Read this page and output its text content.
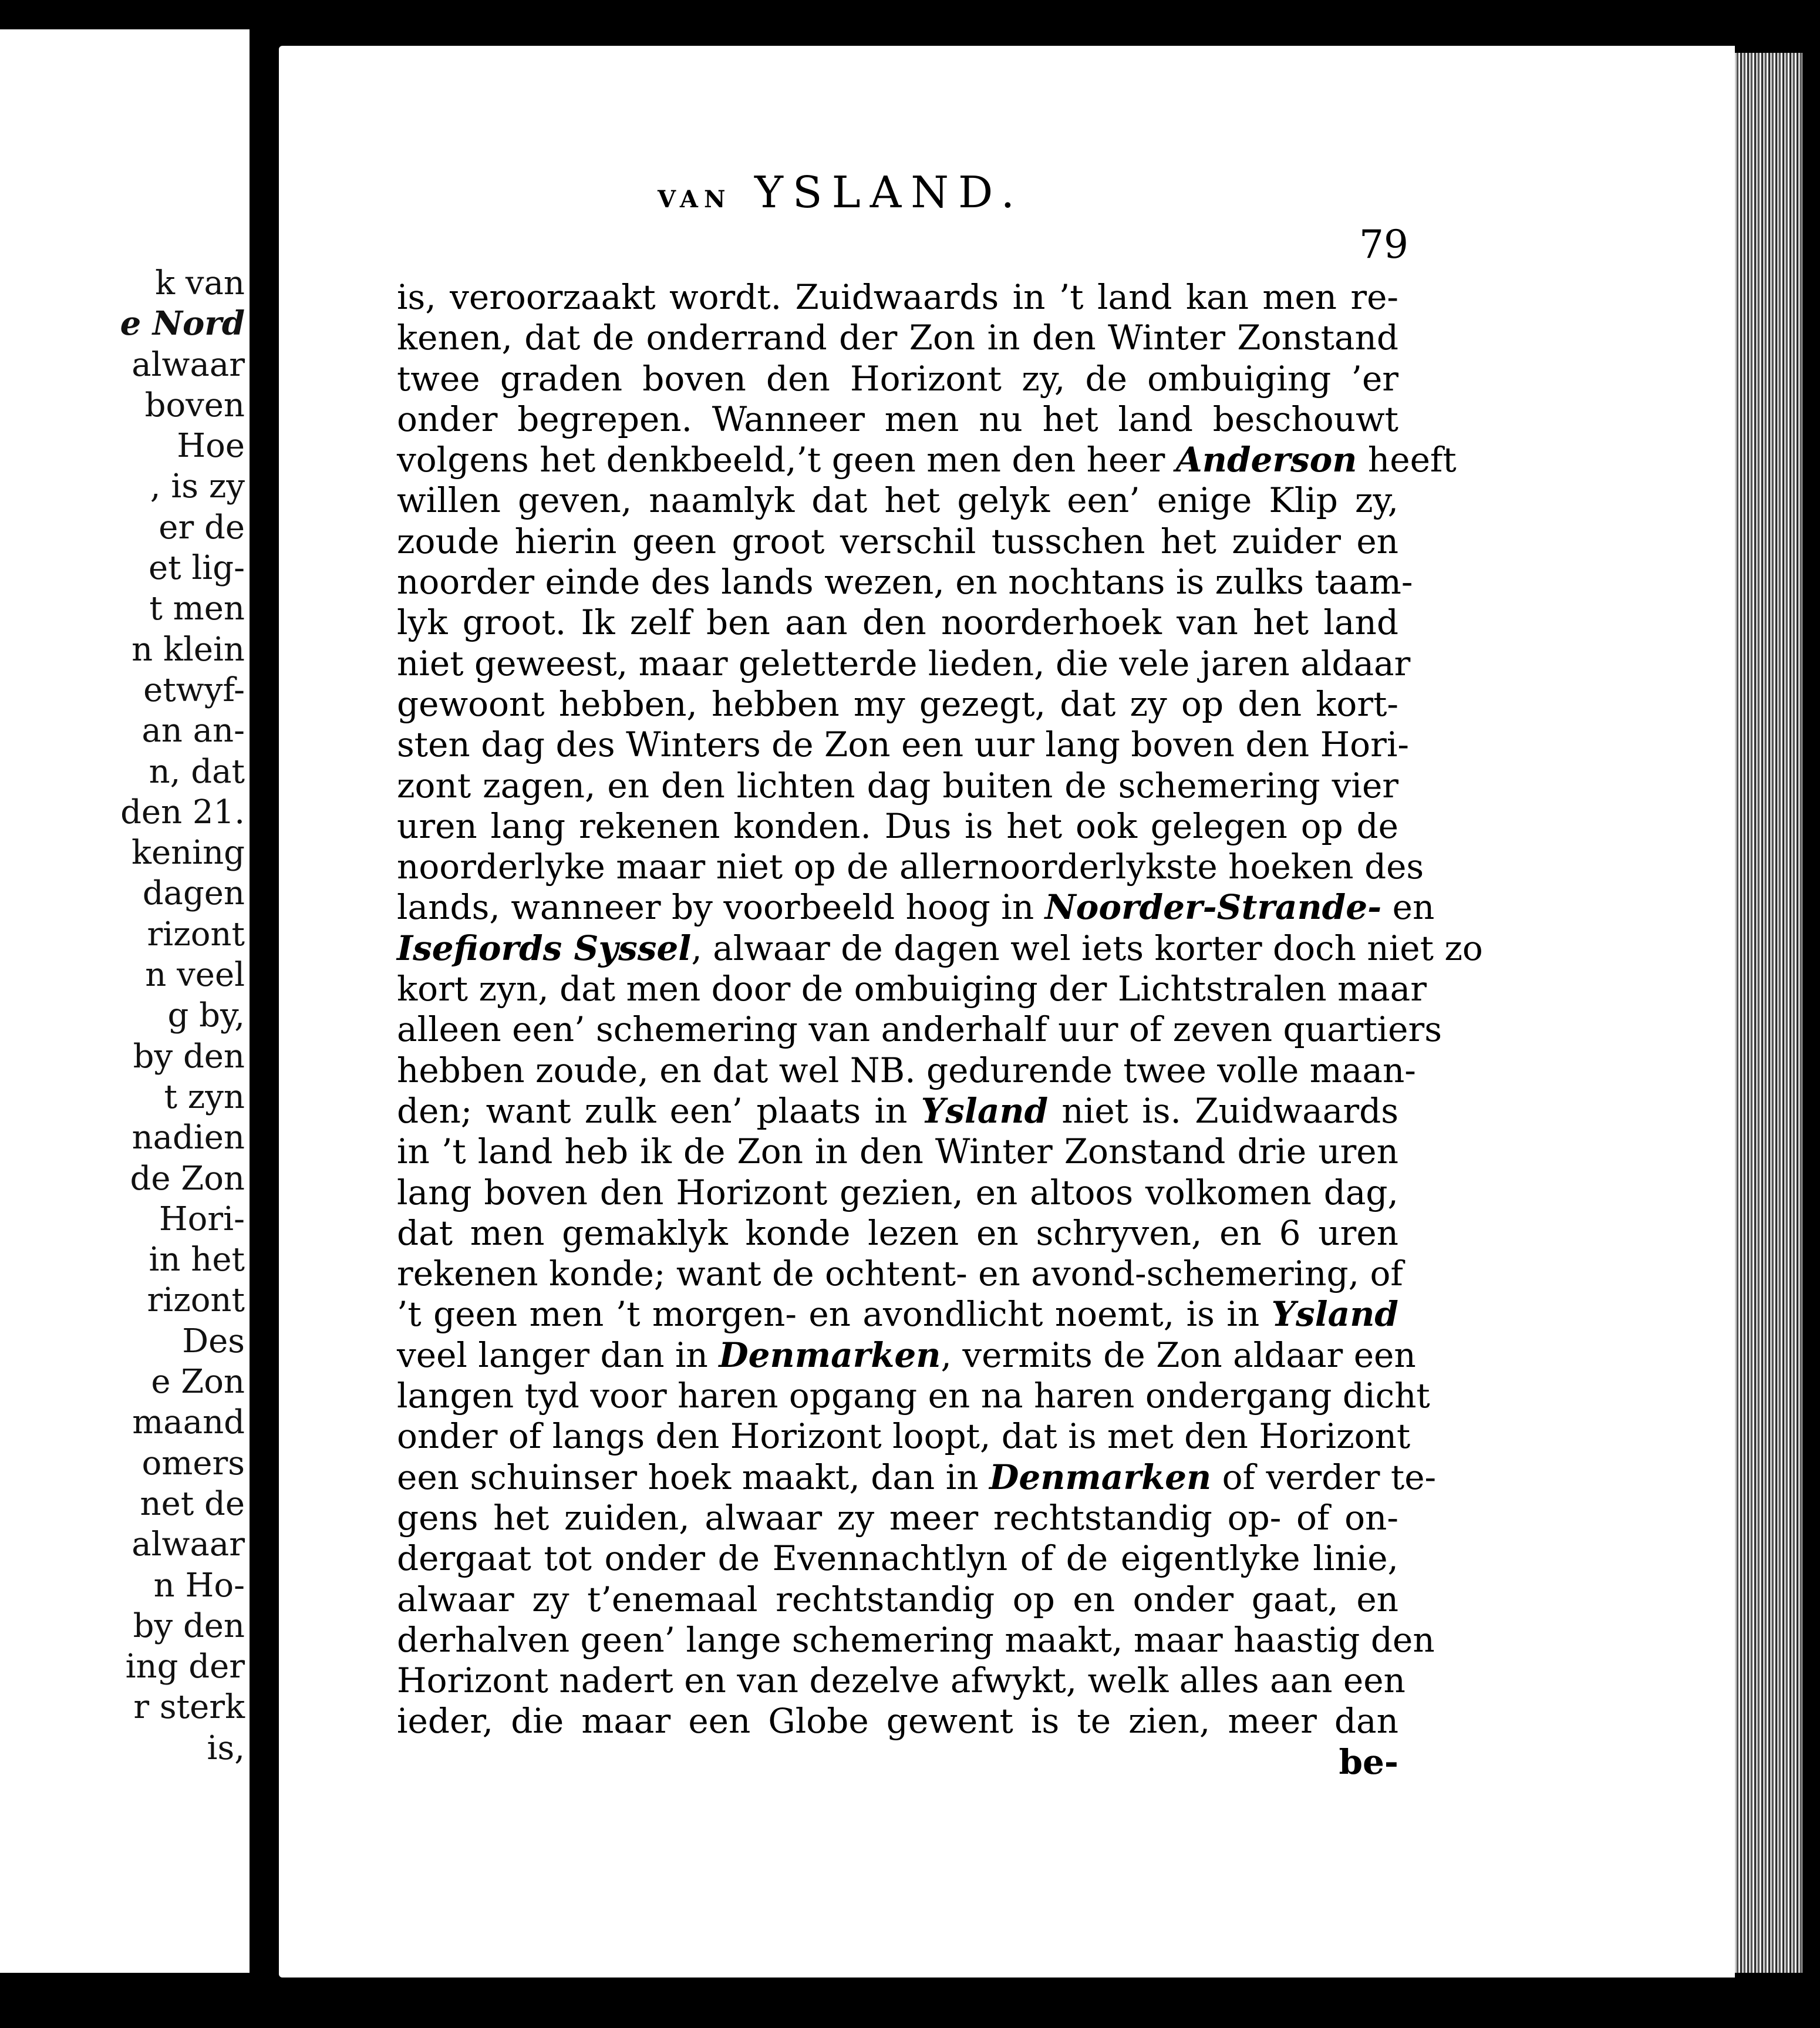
k van
e Nord
alwaar
boven
Hoe
, is zy
er de
et lig-
t men
n klein
etwyf-
an an-
n, dat
den 21.
kening
dagen
rizont
n veel
g by,
by den
t zyn
nadien
de Zon
Hori-
in het
rizont
Des
e Zon
maand
omers
net de
alwaar
n Ho-
by den
ing der
r sterk
is,
VAN YSLAND.
79
is, veroorzaakt wordt. Zuidwaards in ’t land kan men re-
kenen, dat de onderrand der Zon in den Winter Zonstand
twee graden boven den Horizont zy, de ombuiging ’er
onder begrepen. Wanneer men nu het land beschouwt
volgens het denkbeeld,’t geen men den heer Anderson heeft
willen geven, naamlyk dat het gelyk een’ enige Klip zy,
zoude hierin geen groot verschil tusschen het zuider en
noorder einde des lands wezen, en nochtans is zulks taam-
lyk groot. Ik zelf ben aan den noorderhoek van het land
niet geweest, maar geletterde lieden, die vele jaren aldaar
gewoont hebben, hebben my gezegt, dat zy op den kort-
sten dag des Winters de Zon een uur lang boven den Hori-
zont zagen, en den lichten dag buiten de schemering vier
uren lang rekenen konden. Dus is het ook gelegen op de
noorderlyke maar niet op de allernoorderlykste hoeken des
lands, wanneer by voorbeeld hoog in Noorder-Strande- en
Isefiords Syssel, alwaar de dagen wel iets korter doch niet zo
kort zyn, dat men door de ombuiging der Lichtstralen maar
alleen een’ schemering van anderhalf uur of zeven quartiers
hebben zoude, en dat wel NB. gedurende twee volle maan-
den; want zulk een’ plaats in Ysland niet is. Zuidwaards
in ’t land heb ik de Zon in den Winter Zonstand drie uren
lang boven den Horizont gezien, en altoos volkomen dag,
dat men gemaklyk konde lezen en schryven, en 6 uren
rekenen konde; want de ochtent- en avond-schemering, of
’t geen men ’t morgen- en avondlicht noemt, is in Ysland
veel langer dan in Denmarken, vermits de Zon aldaar een
langen tyd voor haren opgang en na haren ondergang dicht
onder of langs den Horizont loopt, dat is met den Horizont
een schuinser hoek maakt, dan in Denmarken of verder te-
gens het zuiden, alwaar zy meer rechtstandig op- of on-
dergaat tot onder de Evennachtlyn of de eigentlyke linie,
alwaar zy t’enemaal rechtstandig op en onder gaat, en
derhalven geen’ lange schemering maakt, maar haastig den
Horizont nadert en van dezelve afwykt, welk alles aan een
ieder, die maar een Globe gewent is te zien, meer dan
be-
